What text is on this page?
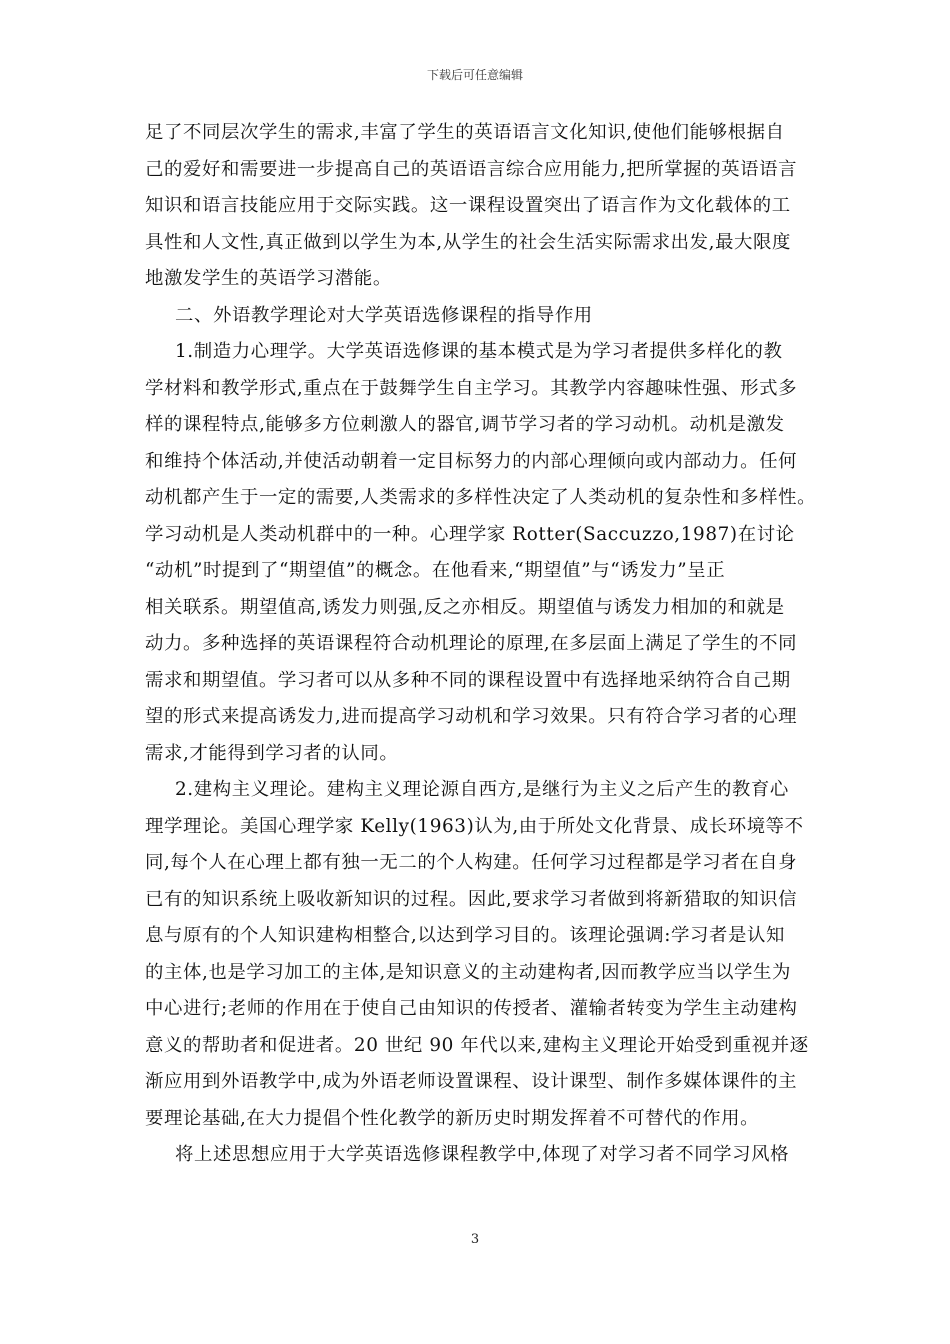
下载后可任意编辑
足了不同层次学生的需求,丰富了学生的英语语言文化知识,使他们能够根据自
己的爱好和需要进一步提高自己的英语语言综合应用能力,把所掌握的英语语言
知识和语言技能应用于交际实践。这一课程设置突出了语言作为文化载体的工
具性和人文性,真正做到以学生为本,从学生的社会生活实际需求出发,最大限度
地激发学生的英语学习潜能。
二、外语教学理论对大学英语选修课程的指导作用
1.制造力心理学。大学英语选修课的基本模式是为学习者提供多样化的教
学材料和教学形式,重点在于鼓舞学生自主学习。其教学内容趣味性强、形式多
样的课程特点,能够多方位刺激人的器官,调节学习者的学习动机。动机是激发
和维持个体活动,并使活动朝着一定目标努力的内部心理倾向或内部动力。任何
动机都产生于一定的需要,人类需求的多样性决定了人类动机的复杂性和多样性。
学习动机是人类动机群中的一种。心理学家 Rotter(Saccuzzo,1987)在讨论
“动机”时提到了“期望值”的概念。在他看来,“期望值”与“诱发力”呈正
相关联系。期望值高,诱发力则强,反之亦相反。期望值与诱发力相加的和就是
动力。多种选择的英语课程符合动机理论的原理,在多层面上满足了学生的不同
需求和期望值。学习者可以从多种不同的课程设置中有选择地采纳符合自己期
望的形式来提高诱发力,进而提高学习动机和学习效果。只有符合学习者的心理
需求,才能得到学习者的认同。
2.建构主义理论。建构主义理论源自西方,是继行为主义之后产生的教育心
理学理论。美国心理学家 Kelly(1963)认为,由于所处文化背景、成长环境等不
同,每个人在心理上都有独一无二的个人构建。任何学习过程都是学习者在自身
已有的知识系统上吸收新知识的过程。因此,要求学习者做到将新猎取的知识信
息与原有的个人知识建构相整合,以达到学习目的。该理论强调:学习者是认知
的主体,也是学习加工的主体,是知识意义的主动建构者,因而教学应当以学生为
中心进行;老师的作用在于使自己由知识的传授者、灌输者转变为学生主动建构
意义的帮助者和促进者。20 世纪 90 年代以来,建构主义理论开始受到重视并逐
渐应用到外语教学中,成为外语老师设置课程、设计课型、制作多媒体课件的主
要理论基础,在大力提倡个性化教学的新历史时期发挥着不可替代的作用。
将上述思想应用于大学英语选修课程教学中,体现了对学习者不同学习风格
3
